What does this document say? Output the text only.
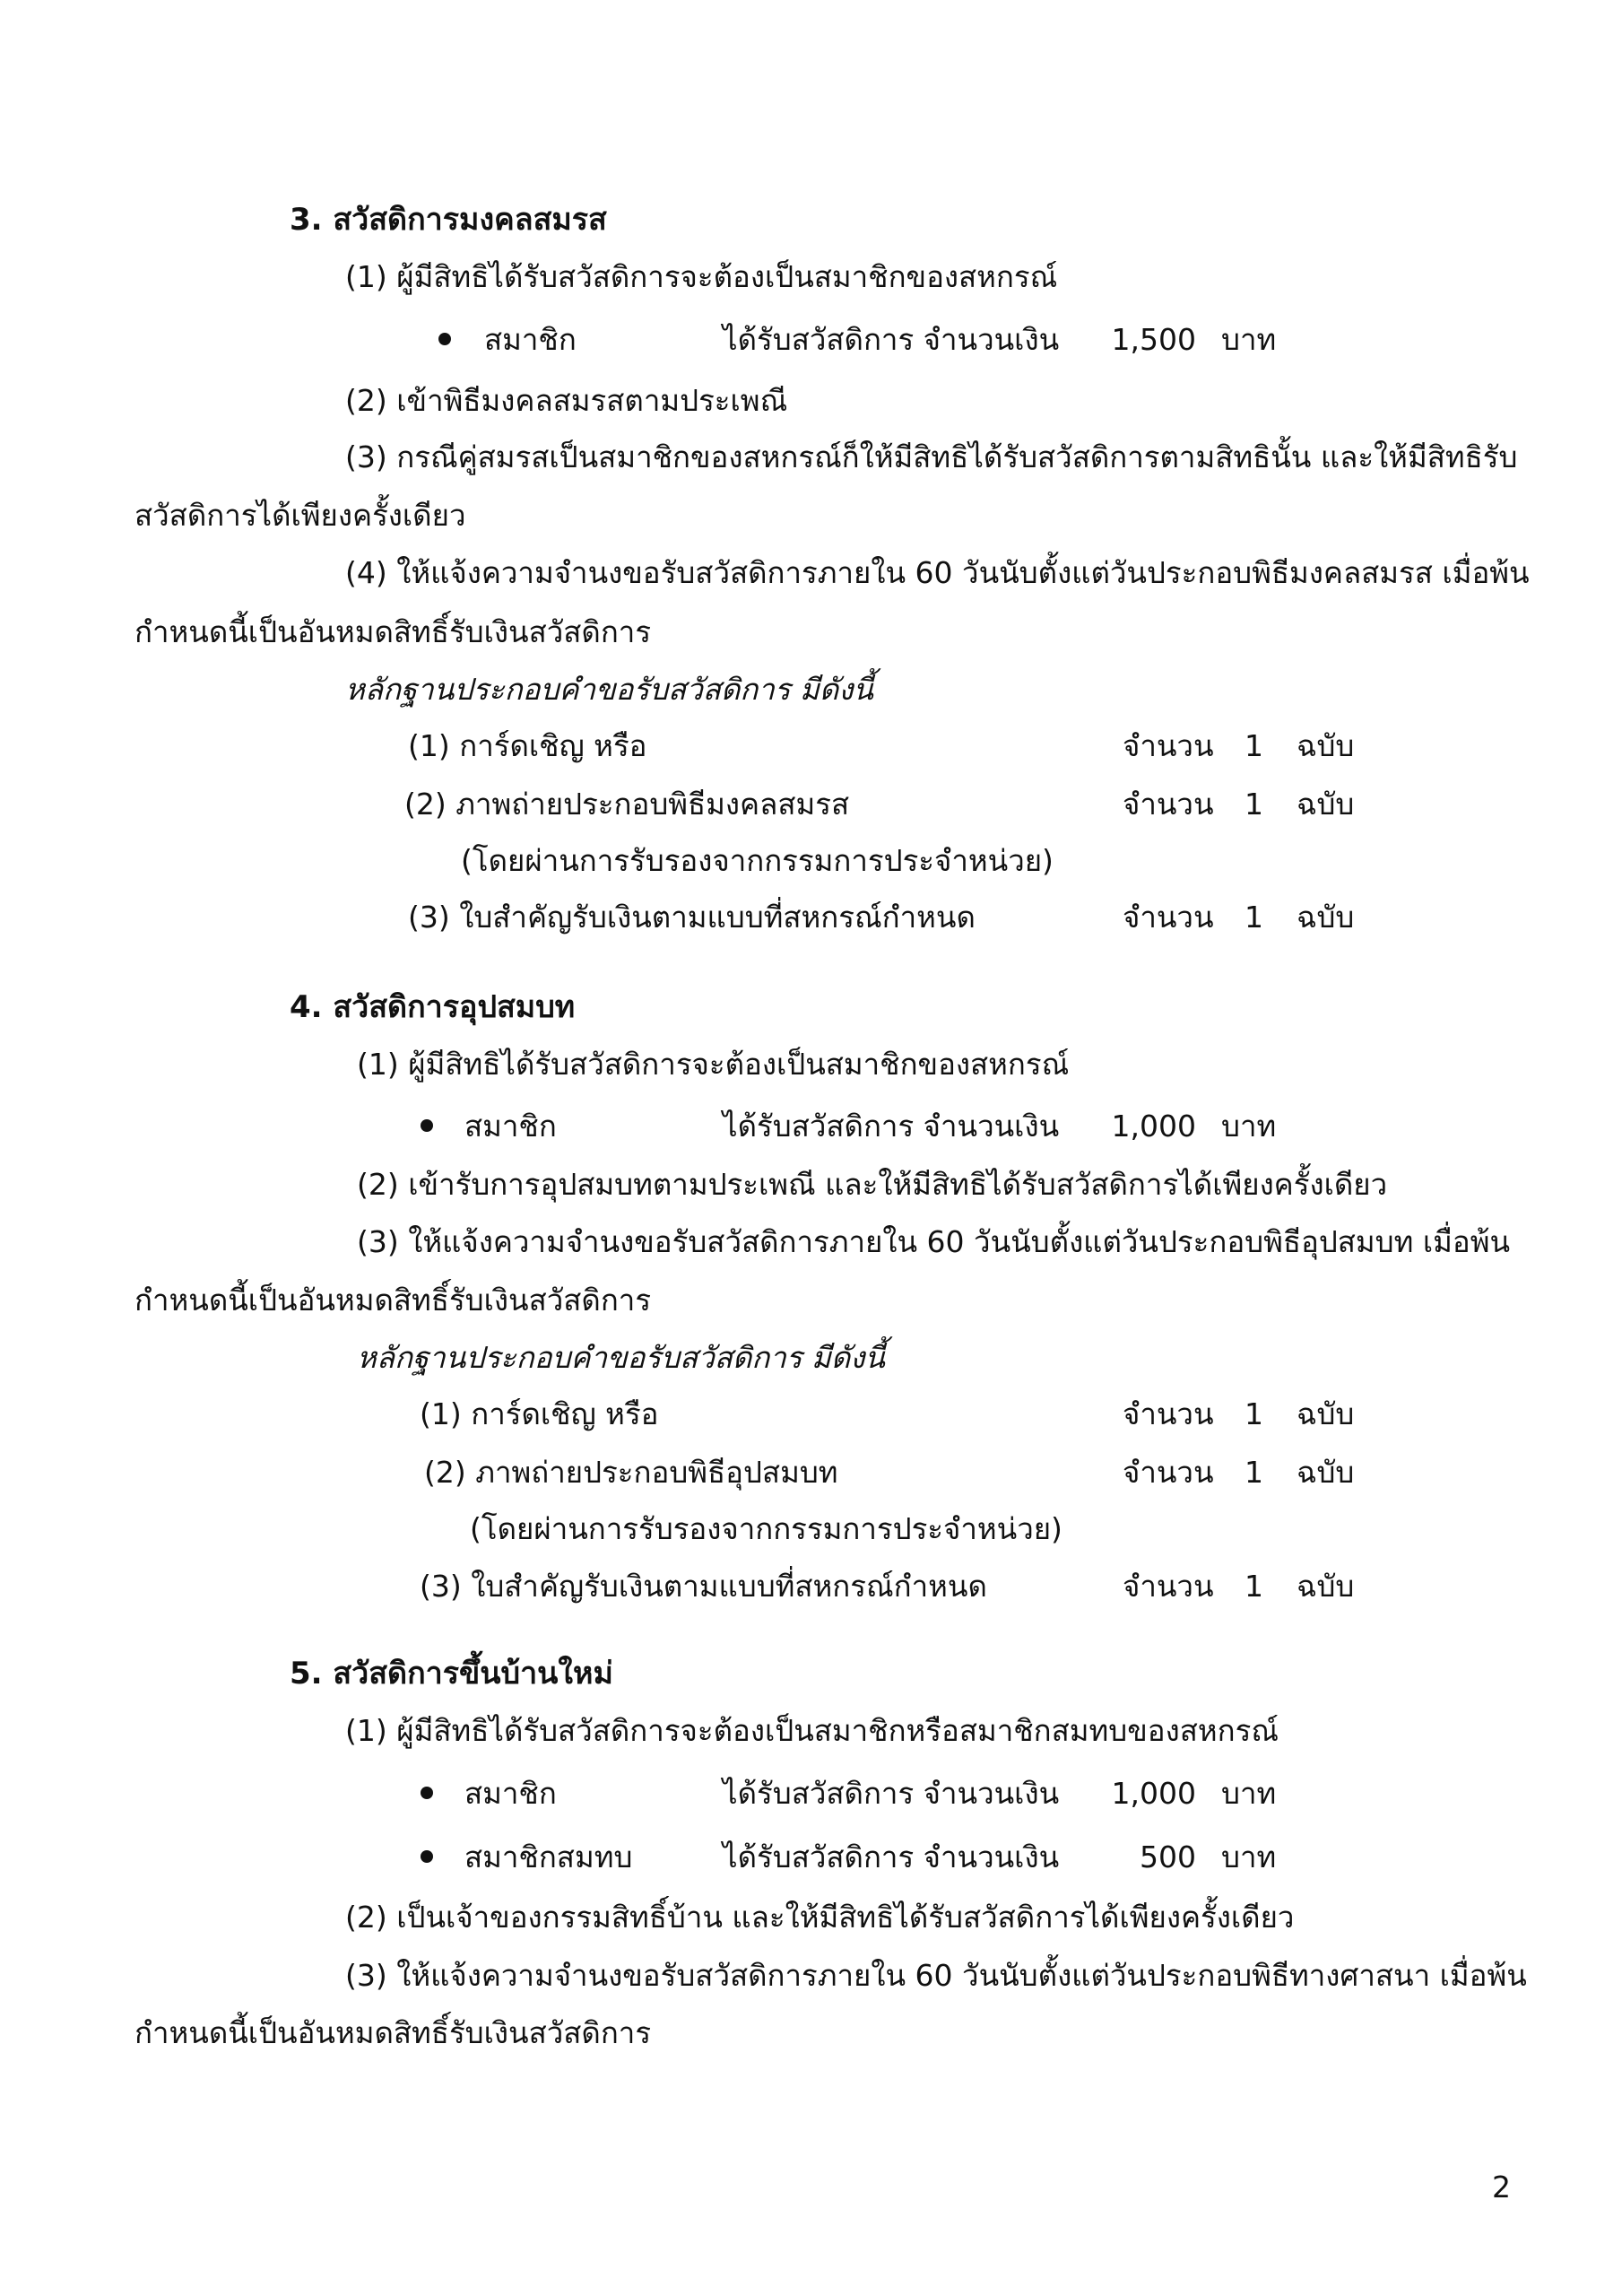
3. สวัสดิการมงคลสมรส
(1) ผู้มีสิทธิได้รับสวัสดิการจะต้องเป็นสมาชิกของสหกรณ์
สมาชิก	ได้รับสวัสดิการ จำนวนเงิน 1,500 บาท
(2) เข้าพิธีมงคลสมรสตามประเพณี
(3) กรณีคู่สมรสเป็นสมาชิกของสหกรณ์ก็ให้มีสิทธิได้รับสวัสดิการตามสิทธินั้น และให้มีสิทธิรับ
สวัสดิการได้เพียงครั้งเดียว
(4) ให้แจ้งความจำนงขอรับสวัสดิการภายใน 60 วันนับตั้งแต่วันประกอบพิธีมงคลสมรส เมื่อพ้น
กำหนดนี้เป็นอันหมดสิทธิ์รับเงินสวัสดิการ
หลักฐานประกอบคำขอรับสวัสดิการ มีดังนี้
(1) การ์ดเชิญ หรือ	จำนวน 1 ฉบับ
(2) ภาพถ่ายประกอบพิธีมงคลสมรส	จำนวน 1 ฉบับ
(โดยผ่านการรับรองจากกรรมการประจำหน่วย)
(3) ใบสำคัญรับเงินตามแบบที่สหกรณ์กำหนด	จำนวน 1 ฉบับ
4. สวัสดิการอุปสมบท
(1) ผู้มีสิทธิได้รับสวัสดิการจะต้องเป็นสมาชิกของสหกรณ์
สมาชิก	ได้รับสวัสดิการ จำนวนเงิน 1,000 บาท
(2) เข้ารับการอุปสมบทตามประเพณี และให้มีสิทธิได้รับสวัสดิการได้เพียงครั้งเดียว
(3) ให้แจ้งความจำนงขอรับสวัสดิการภายใน 60 วันนับตั้งแต่วันประกอบพิธีอุปสมบท เมื่อพ้น
กำหนดนี้เป็นอันหมดสิทธิ์รับเงินสวัสดิการ
หลักฐานประกอบคำขอรับสวัสดิการ มีดังนี้
(1) การ์ดเชิญ หรือ	จำนวน 1 ฉบับ
(2) ภาพถ่ายประกอบพิธีอุปสมบท	จำนวน 1 ฉบับ
(โดยผ่านการรับรองจากกรรมการประจำหน่วย)
(3) ใบสำคัญรับเงินตามแบบที่สหกรณ์กำหนด	จำนวน 1 ฉบับ
5. สวัสดิการขึ้นบ้านใหม่
(1) ผู้มีสิทธิได้รับสวัสดิการจะต้องเป็นสมาชิกหรือสมาชิกสมทบของสหกรณ์
สมาชิก	ได้รับสวัสดิการ จำนวนเงิน 1,000 บาท
สมาชิกสมทบ	ได้รับสวัสดิการ จำนวนเงิน	500 บาท
(2) เป็นเจ้าของกรรมสิทธิ์บ้าน และให้มีสิทธิได้รับสวัสดิการได้เพียงครั้งเดียว
(3) ให้แจ้งความจำนงขอรับสวัสดิการภายใน 60 วันนับตั้งแต่วันประกอบพิธีทางศาสนา เมื่อพ้น
กำหนดนี้เป็นอันหมดสิทธิ์รับเงินสวัสดิการ
2
